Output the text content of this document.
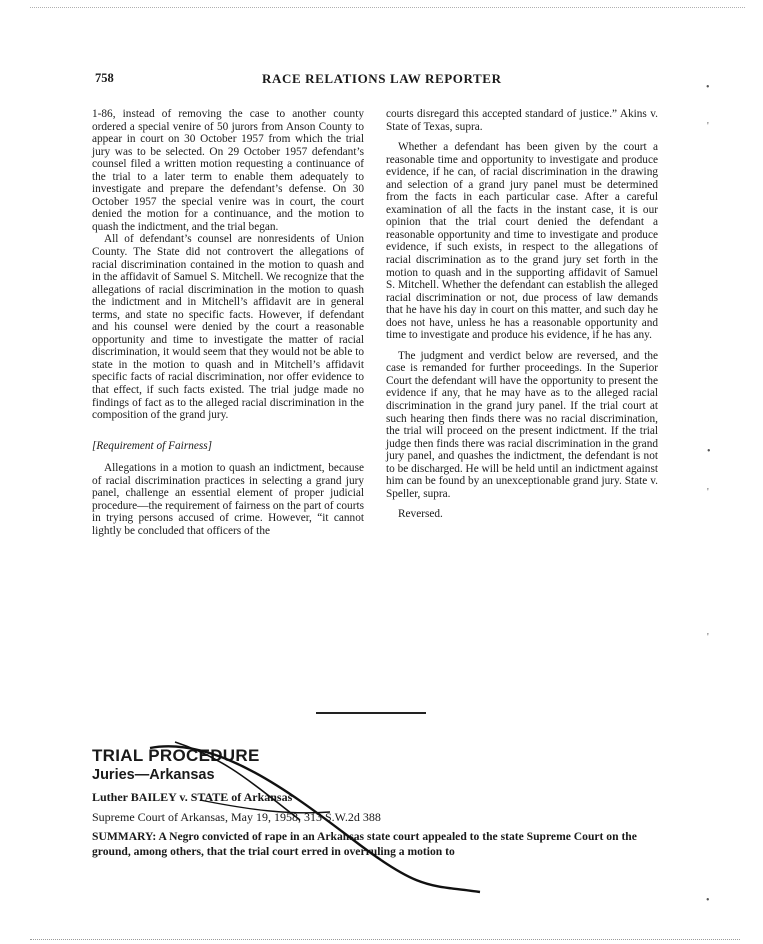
758	RACE RELATIONS LAW REPORTER

1-86, instead of removing the case to another county ordered a special venire of 50 jurors from Anson County to appear in court on 30 October 1957 from which the trial jury was to be selected. On 29 October 1957 defendant’s counsel filed a written motion requesting a continuance of the trial to a later term to enable them adequately to investigate and prepare the defendant’s defense. On 30 October 1957 the special venire was in court, the court denied the motion for a continuance, and the motion to quash the indictment, and the trial began.

All of defendant’s counsel are nonresidents of Union County. The State did not controvert the allegations of racial discrimination contained in the motion to quash and in the affidavit of Samuel S. Mitchell. We recognize that the allegations of racial discrimination in the motion to quash the indictment and in Mitchell’s affidavit are in general terms, and state no specific facts. However, if defendant and his counsel were denied by the court a reasonable opportunity and time to investigate the matter of racial discrimination, it would seem that they would not be able to state in the motion to quash and in Mitchell’s affidavit specific facts of racial discrimination, nor offer evidence to that effect, if such facts existed. The trial judge made no findings of fact as to the alleged racial discrimination in the composition of the grand jury.

[Requirement of Fairness]

Allegations in a motion to quash an indictment, because of racial discrimination practices in selecting a grand jury panel, challenge an essential element of proper judicial procedure—the requirement of fairness on the part of courts in trying persons accused of crime. However, “it cannot lightly be concluded that officers of the

courts disregard this accepted standard of justice.” Akins v. State of Texas, supra.

Whether a defendant has been given by the court a reasonable time and opportunity to investigate and produce evidence, if he can, of racial discrimination in the drawing and selection of a grand jury panel must be determined from the facts in each particular case. After a careful examination of all the facts in the instant case, it is our opinion that the trial court denied the defendant a reasonable opportunity and time to investigate and produce evidence, if such exists, in respect to the allegations of racial discrimination as to the grand jury set forth in the motion to quash and in the supporting affidavit of Samuel S. Mitchell. Whether the defendant can establish the alleged racial discrimination or not, due process of law demands that he have his day in court on this matter, and such day he does not have, unless he has a reasonable opportunity and time to investigate and produce his evidence, if he has any.

The judgment and verdict below are reversed, and the case is remanded for further proceedings. In the Superior Court the defendant will have the opportunity to present the evidence if any, that he may have as to the alleged racial discrimination in the grand jury panel. If the trial court at such hearing then finds there was no racial discrimination, the trial will proceed on the present indictment. If the trial judge then finds there was racial discrimination in the grand jury panel, and quashes the indictment, the defendant is not to be discharged. He will be held until an indictment against him can be found by an unexceptionable grand jury. State v. Speller, supra.

Reversed.

TRIAL PROCEDURE
Juries—Arkansas
Luther BAILEY v. STATE of Arkansas
Supreme Court of Arkansas, May 19, 1958, 313 S.W.2d 388
SUMMARY: A Negro convicted of rape in an Arkansas state court appealed to the state Supreme Court on the ground, among others, that the trial court erred in overruling a motion to
•
'
•
'
'
•
